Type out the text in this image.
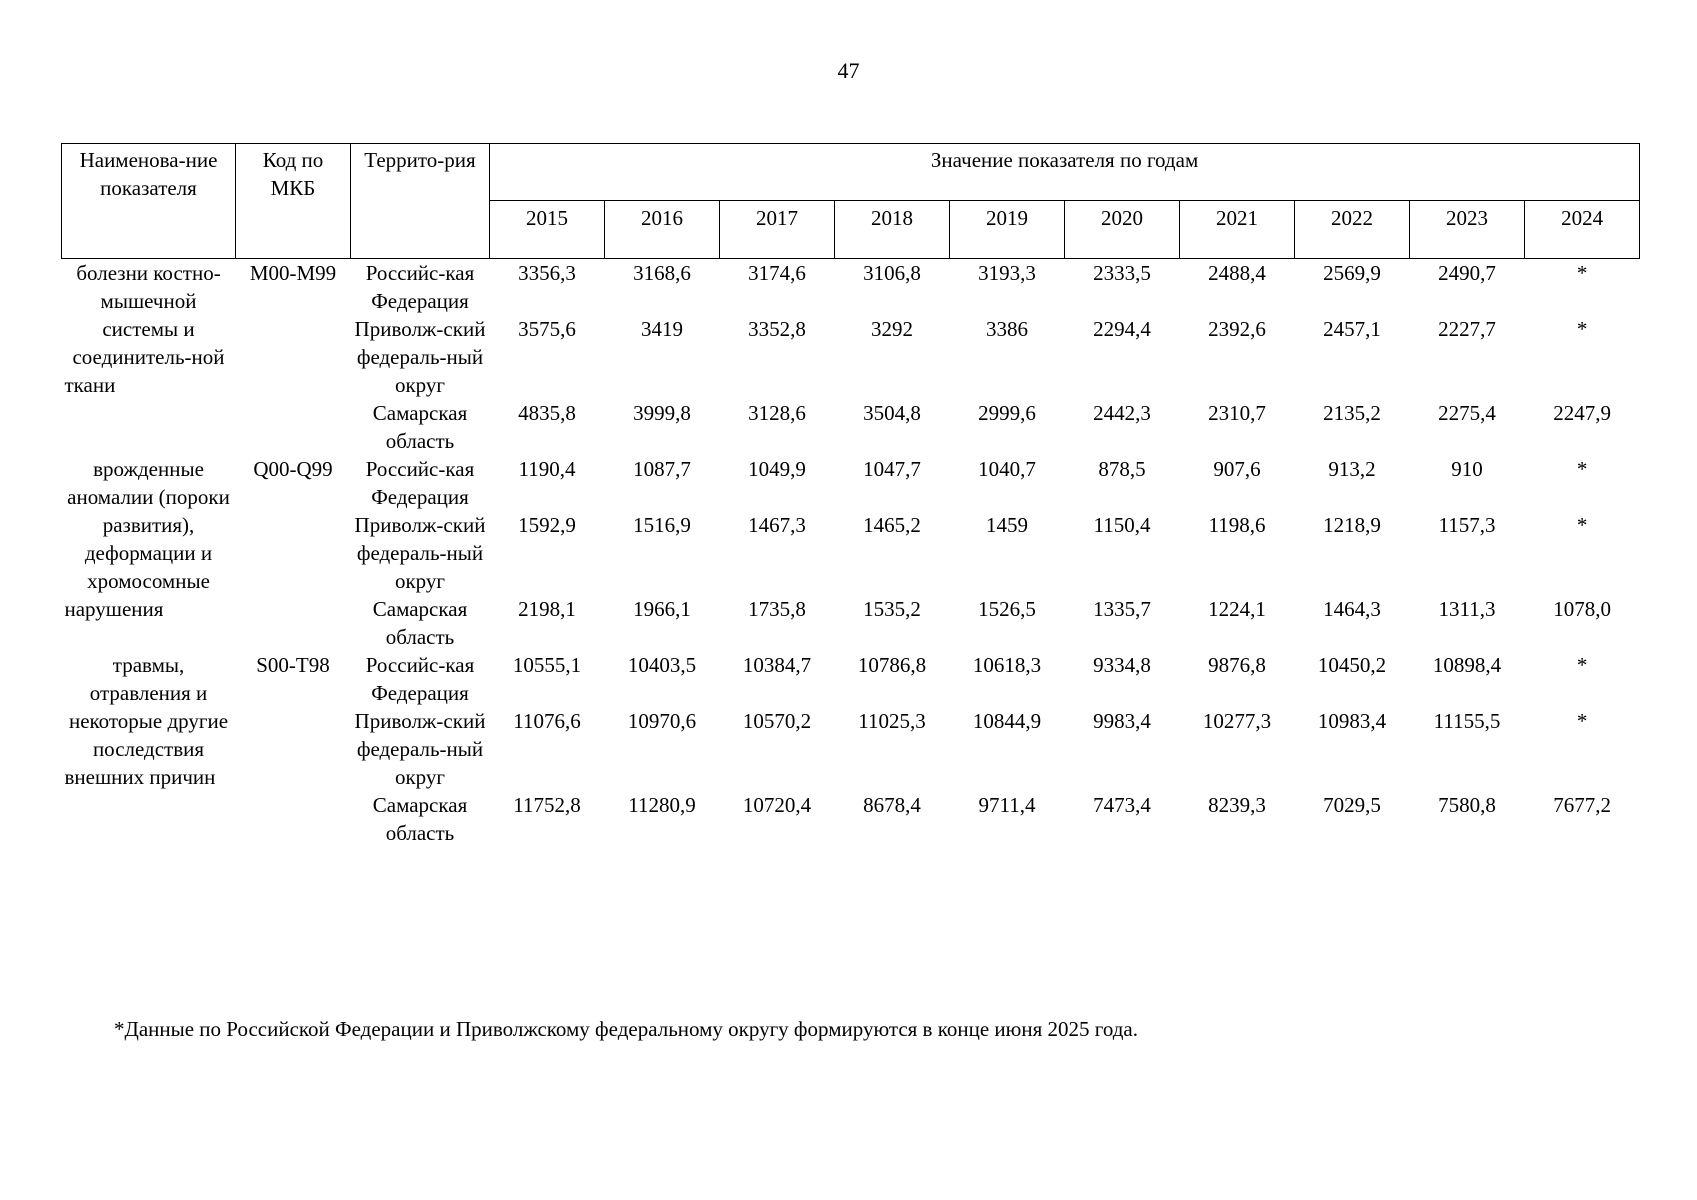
47
Наименова-ние показателя	Код по МКБ	Террито-рия	Значение показателя по годам									
			2015	2016	2017	2018	2019	2020	2021	2022	2023	2024
болезни костно-мышечной системы и соединитель-ной ткани	M00-M99	Российс-кая Федерация	3356,3	3168,6	3174,6	3106,8	3193,3	2333,5	2488,4	2569,9	2490,7	*
		Приволж-ский федераль-ный округ	3575,6	3419	3352,8	3292	3386	2294,4	2392,6	2457,1	2227,7	*
		Самарская область	4835,8	3999,8	3128,6	3504,8	2999,6	2442,3	2310,7	2135,2	2275,4	2247,9
врожденные аномалии (пороки развития), деформации и хромосомные нарушения	Q00-Q99	Российс-кая Федерация	1190,4	1087,7	1049,9	1047,7	1040,7	878,5	907,6	913,2	910	*
		Приволж-ский федераль-ный округ	1592,9	1516,9	1467,3	1465,2	1459	1150,4	1198,6	1218,9	1157,3	*
		Самарская область	2198,1	1966,1	1735,8	1535,2	1526,5	1335,7	1224,1	1464,3	1311,3	1078,0
травмы, отравления и некоторые другие последствия внешних причин	S00-T98	Российс-кая Федерация	10555,1	10403,5	10384,7	10786,8	10618,3	9334,8	9876,8	10450,2	10898,4	*
		Приволж-ский федераль-ный округ	11076,6	10970,6	10570,2	11025,3	10844,9	9983,4	10277,3	10983,4	11155,5	*
		Самарская область	11752,8	11280,9	10720,4	8678,4	9711,4	7473,4	8239,3	7029,5	7580,8	7677,2
*Данные по Российской Федерации и Приволжскому федеральному округу формируются в конце июня 2025 года.
